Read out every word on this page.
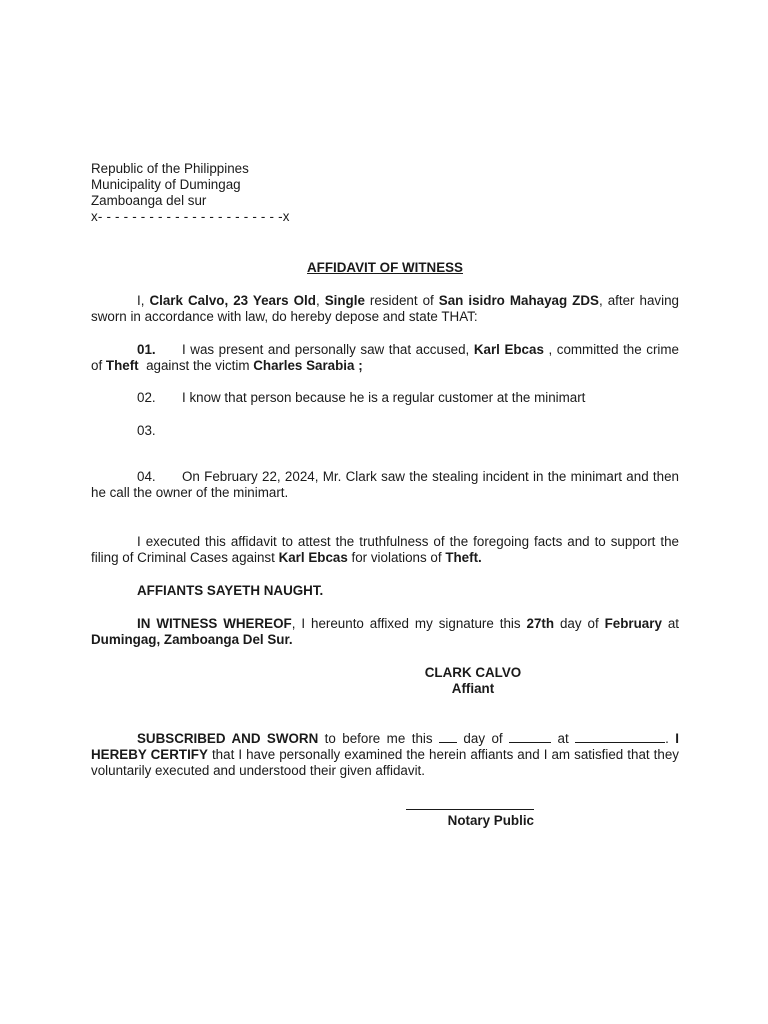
Republic of the Philippines
Municipality of Dumingag
Zamboanga del sur
x- - - - - - - - - - - - - - - - - - - - - -x
AFFIDAVIT OF WITNESS
I, Clark Calvo, 23 Years Old, Single resident of San isidro Mahayag ZDS, after having sworn in accordance with law, do hereby depose and state THAT:
01. I was present and personally saw that accused, Karl Ebcas , committed the crime of Theft  against the victim Charles Sarabia ;
02. I know that person because he is a regular customer at the minimart
03.
04. On February 22, 2024, Mr. Clark saw the stealing incident in the minimart and then he call the owner of the minimart.
I executed this affidavit to attest the truthfulness of the foregoing facts and to support the filing of Criminal Cases against Karl Ebcas for violations of Theft.
AFFIANTS SAYETH NAUGHT.
IN WITNESS WHEREOF, I hereunto affixed my signature this 27th day of February at Dumingag, Zamboanga Del Sur.
CLARK CALVO
Affiant
SUBSCRIBED AND SWORN to before me this  day of	at	. I HEREBY CERTIFY that I have personally examined the herein affiants and I am satisfied that they voluntarily executed and understood their given affidavit.
Notary Public
